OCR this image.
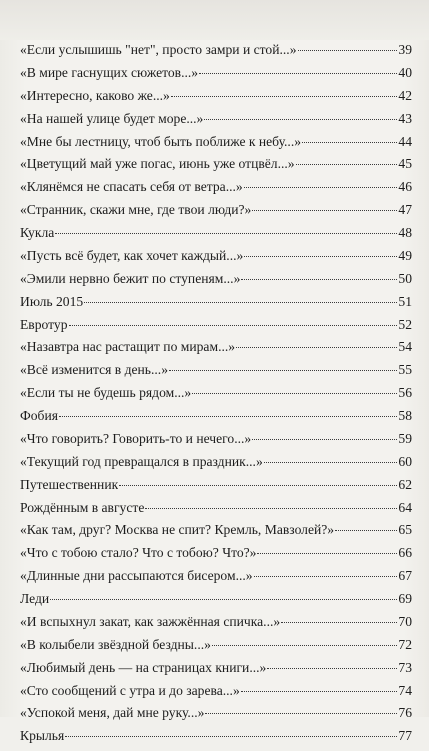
«Если услышишь "нет", просто замри и стой...»	39
«В мире гаснущих сюжетов...»	40
«Интересно, каково же...»	42
«На нашей улице будет море...»	43
«Мне бы лестницу, чтоб быть поближе к небу...»	44
«Цветущий май уже погас, июнь уже отцвёл...»	45
«Клянёмся не спасать себя от ветра...»	46
«Странник, скажи мне, где твои люди?»	47
Кукла	48
«Пусть всё будет, как хочет каждый...»	49
«Эмили нервно бежит по ступеням...»	50
Июль 2015	51
Евротур	52
«Назавтра нас растащит по мирам...»	54
«Всё изменится в день...»	55
«Если ты не будешь рядом...»	56
Фобия	58
«Что говорить? Говорить-то и нечего...»	59
«Текущий год превращался в праздник...»	60
Путешественник	62
Рождённым в августе	64
«Как там, друг? Москва не спит? Кремль, Мавзолей?»	65
«Что с тобою стало? Что с тобою? Что?»	66
«Длинные дни рассыпаются бисером...»	67
Леди	69
«И вспыхнул закат, как зажжённая спичка...»	70
«В колыбели звёздной бездны...»	72
«Любимый день — на страницах книги...»	73
«Сто сообщений с утра и до зарева...»	74
«Успокой меня, дай мне руку...»	76
Крылья	77
